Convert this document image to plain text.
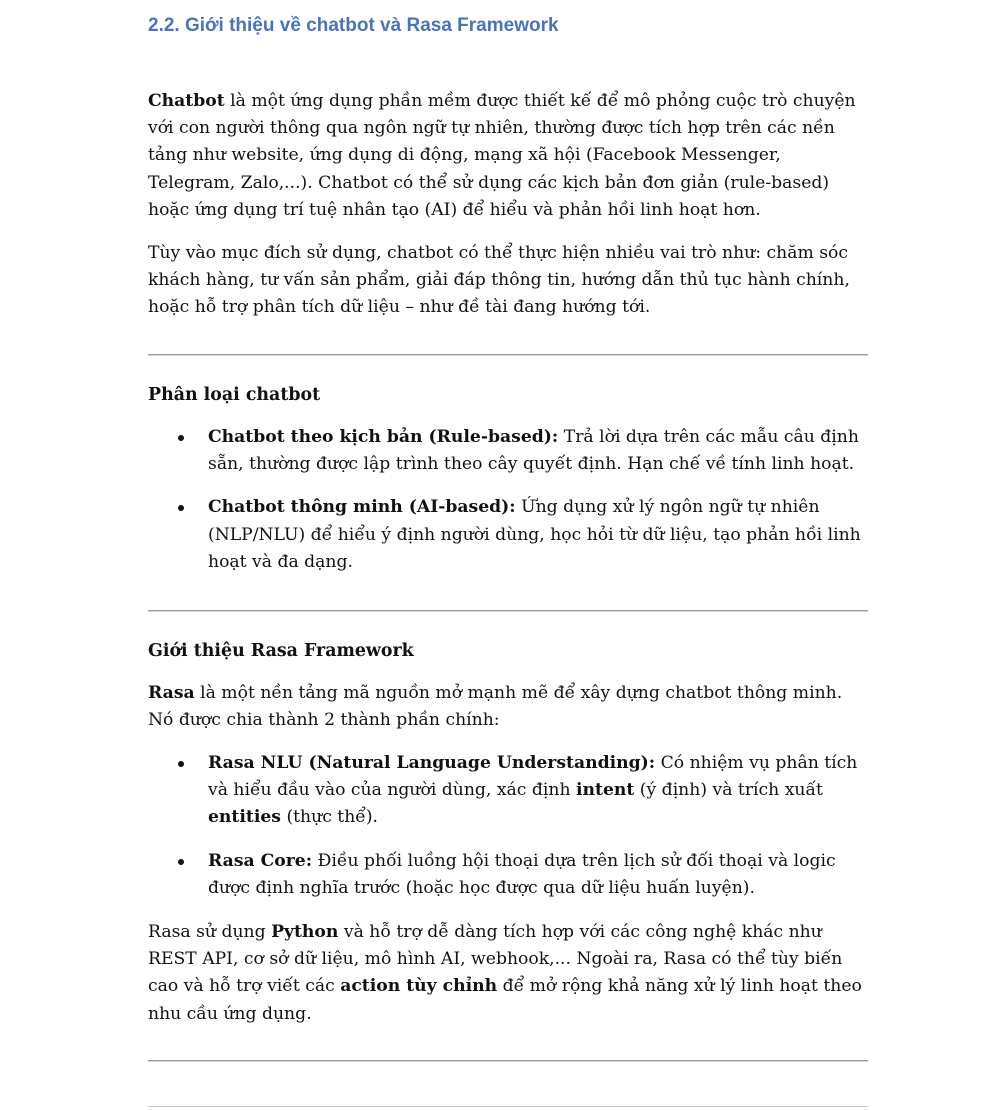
2.2. Giới thiệu về chatbot và Rasa Framework

Chatbot là một ứng dụng phần mềm được thiết kế để mô phỏng cuộc trò chuyện với con người thông qua ngôn ngữ tự nhiên, thường được tích hợp trên các nền tảng như website, ứng dụng di động, mạng xã hội (Facebook Messenger, Telegram, Zalo,...). Chatbot có thể sử dụng các kịch bản đơn giản (rule-based) hoặc ứng dụng trí tuệ nhân tạo (AI) để hiểu và phản hồi linh hoạt hơn.

Tùy vào mục đích sử dụng, chatbot có thể thực hiện nhiều vai trò như: chăm sóc khách hàng, tư vấn sản phẩm, giải đáp thông tin, hướng dẫn thủ tục hành chính, hoặc hỗ trợ phân tích dữ liệu – như đề tài đang hướng tới.

Phân loại chatbot

Chatbot theo kịch bản (Rule-based): Trả lời dựa trên các mẫu câu định sẵn, thường được lập trình theo cây quyết định. Hạn chế về tính linh hoạt.
Chatbot thông minh (AI-based): Ứng dụng xử lý ngôn ngữ tự nhiên (NLP/NLU) để hiểu ý định người dùng, học hỏi từ dữ liệu, tạo phản hồi linh hoạt và đa dạng.

Giới thiệu Rasa Framework

Rasa là một nền tảng mã nguồn mở mạnh mẽ để xây dựng chatbot thông minh. Nó được chia thành 2 thành phần chính:

Rasa NLU (Natural Language Understanding): Có nhiệm vụ phân tích và hiểu đầu vào của người dùng, xác định intent (ý định) và trích xuất entities (thực thể).
Rasa Core: Điều phối luồng hội thoại dựa trên lịch sử đối thoại và logic được định nghĩa trước (hoặc học được qua dữ liệu huấn luyện).

Rasa sử dụng Python và hỗ trợ dễ dàng tích hợp với các công nghệ khác như REST API, cơ sở dữ liệu, mô hình AI, webhook,... Ngoài ra, Rasa có thể tùy biến cao và hỗ trợ viết các action tùy chỉnh để mở rộng khả năng xử lý linh hoạt theo nhu cầu ứng dụng.
